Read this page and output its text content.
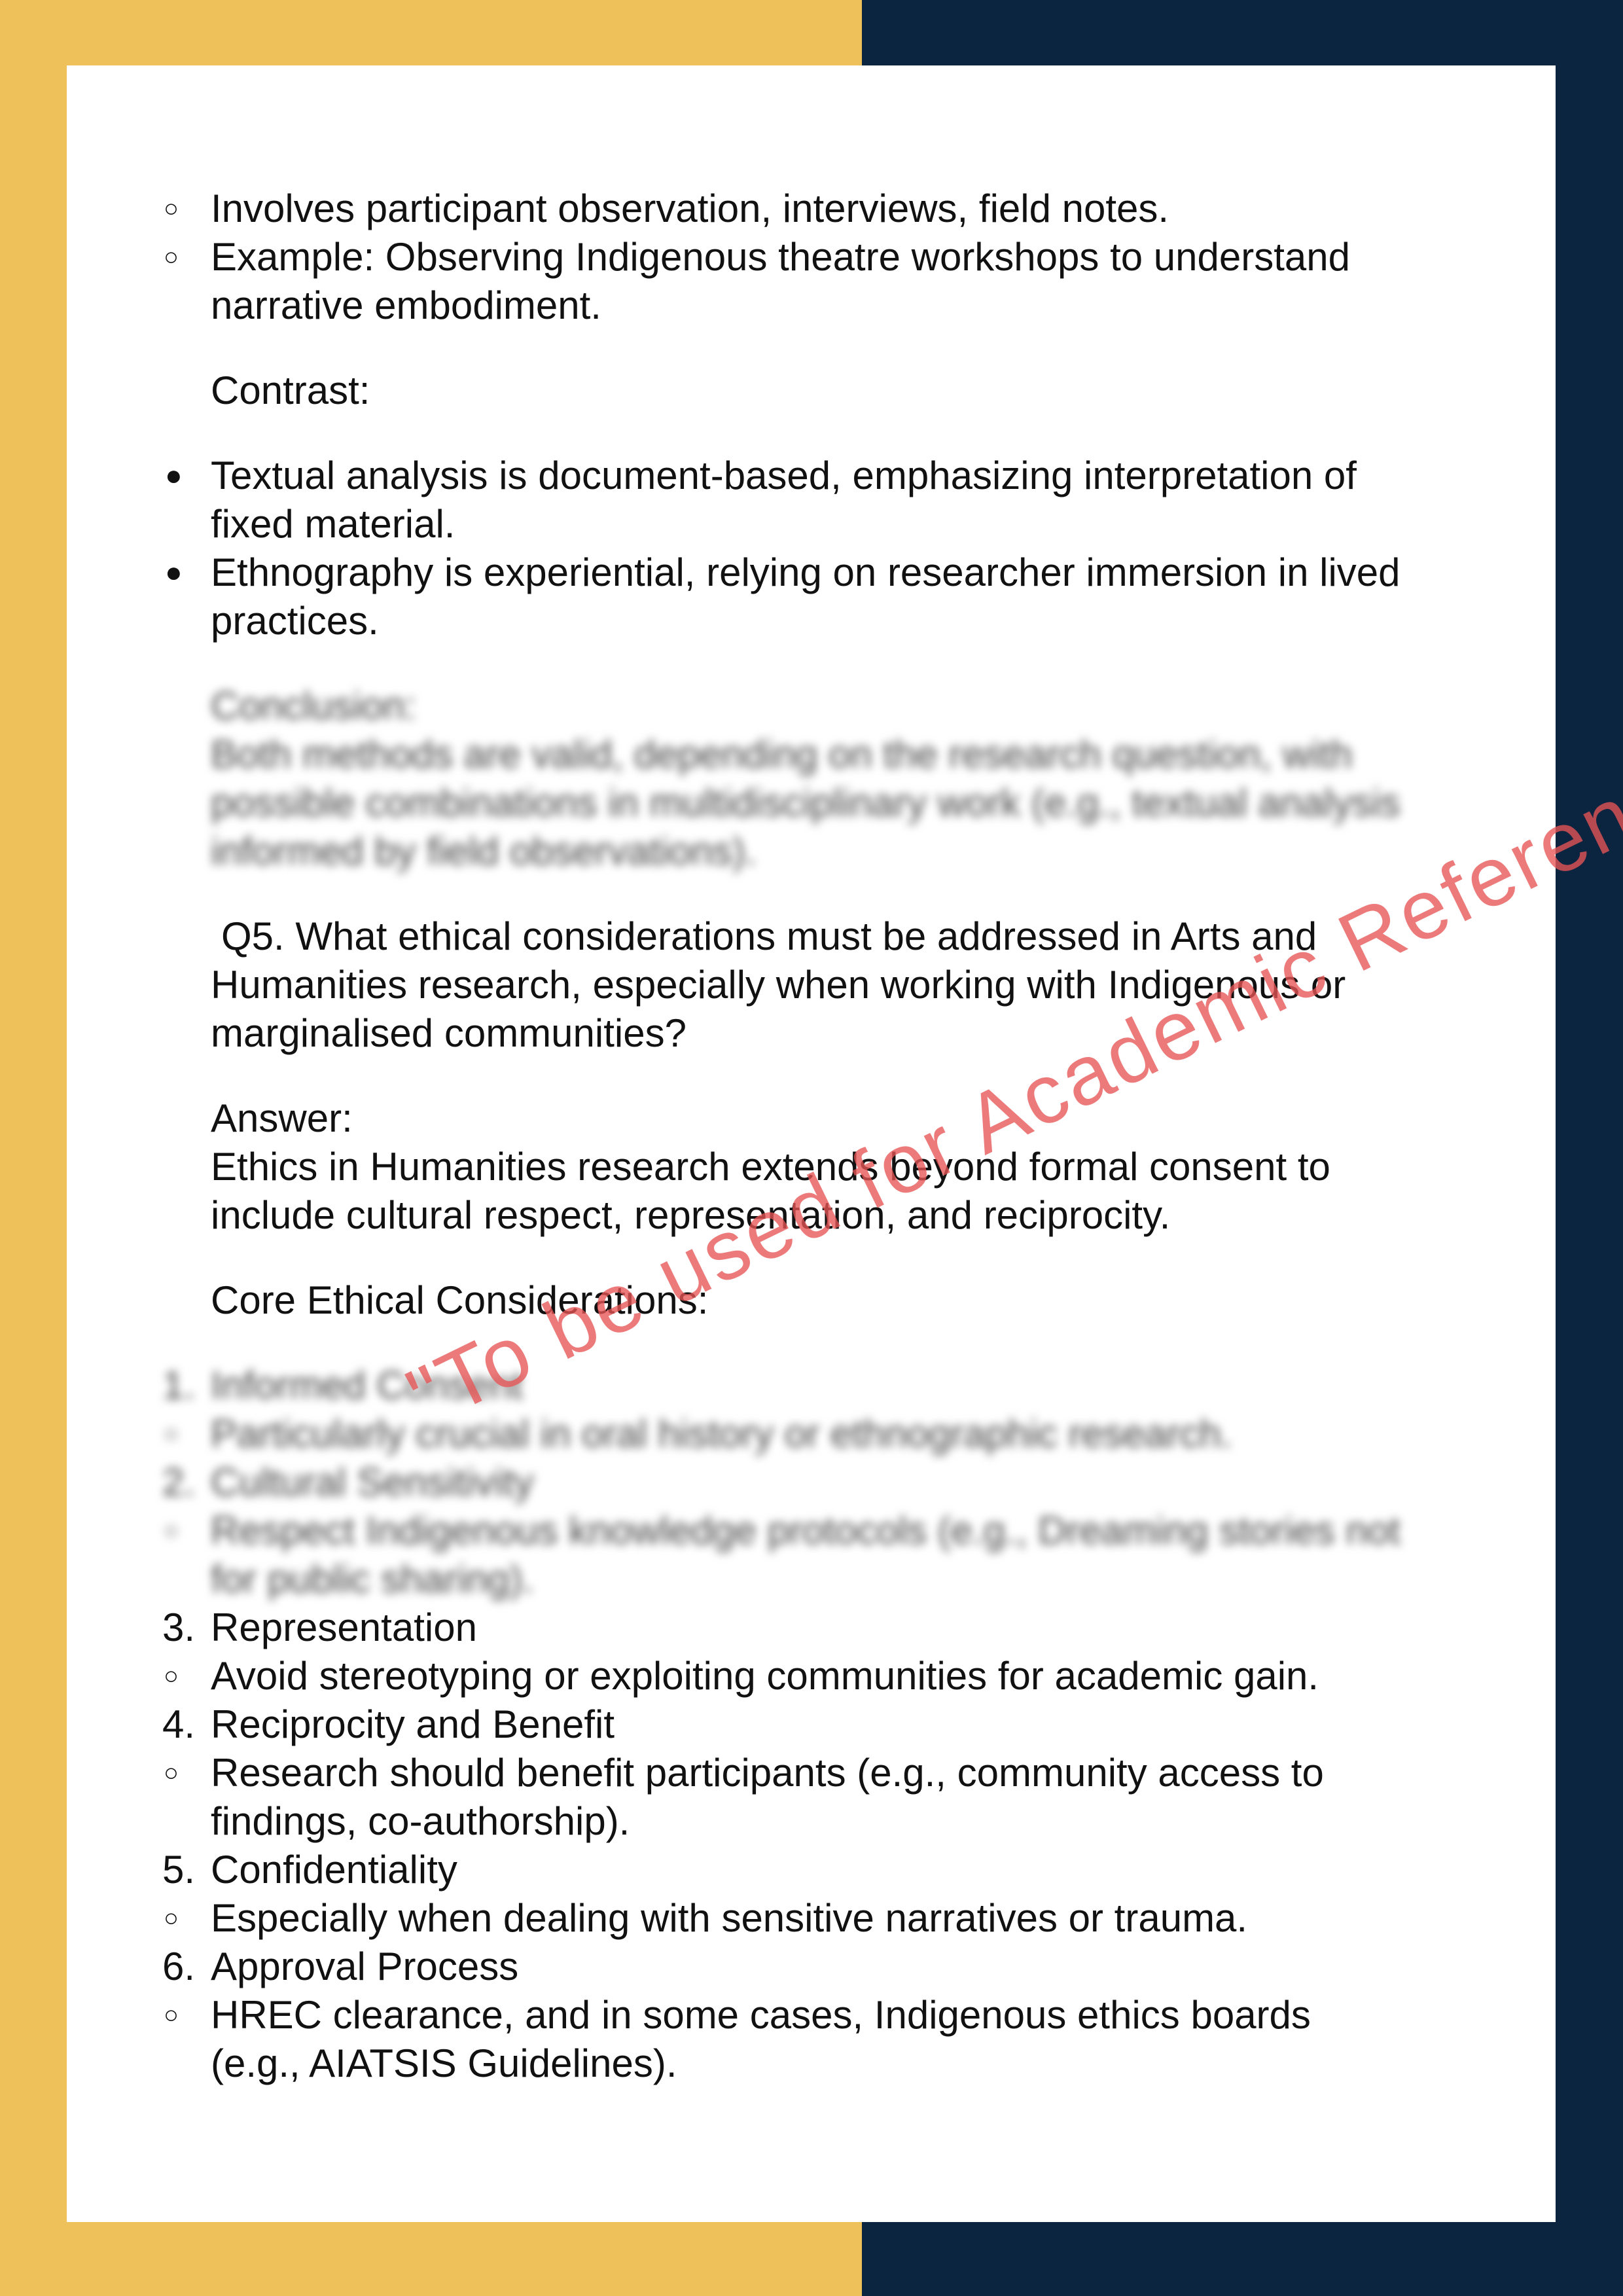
○ Involves participant observation, interviews, field notes.
○ Example: Observing Indigenous theatre workshops to understand
narrative embodiment.
Contrast:
● Textual analysis is document-based, emphasizing interpretation of
fixed material.
● Ethnography is experiential, relying on researcher immersion in lived
practices.
Conclusion:
Both methods are valid, depending on the research question, with
possible combinations in multidisciplinary work (e.g., textual analysis
informed by field observations).
Q5. What ethical considerations must be addressed in Arts and
Humanities research, especially when working with Indigenous or
marginalised communities?
Answer:
Ethics in Humanities research extends beyond formal consent to
include cultural respect, representation, and reciprocity.
Core Ethical Considerations:
1. Informed Consent
○ Particularly crucial in oral history or ethnographic research.
2. Cultural Sensitivity
○ Respect Indigenous knowledge protocols (e.g., Dreaming stories not
for public sharing).
3. Representation
○ Avoid stereotyping or exploiting communities for academic gain.
4. Reciprocity and Benefit
○ Research should benefit participants (e.g., community access to
findings, co-authorship).
5. Confidentiality
○ Especially when dealing with sensitive narratives or trauma.
6. Approval Process
○ HREC clearance, and in some cases, Indigenous ethics boards
(e.g., AIATSIS Guidelines).
"To be used for Academic Reference
